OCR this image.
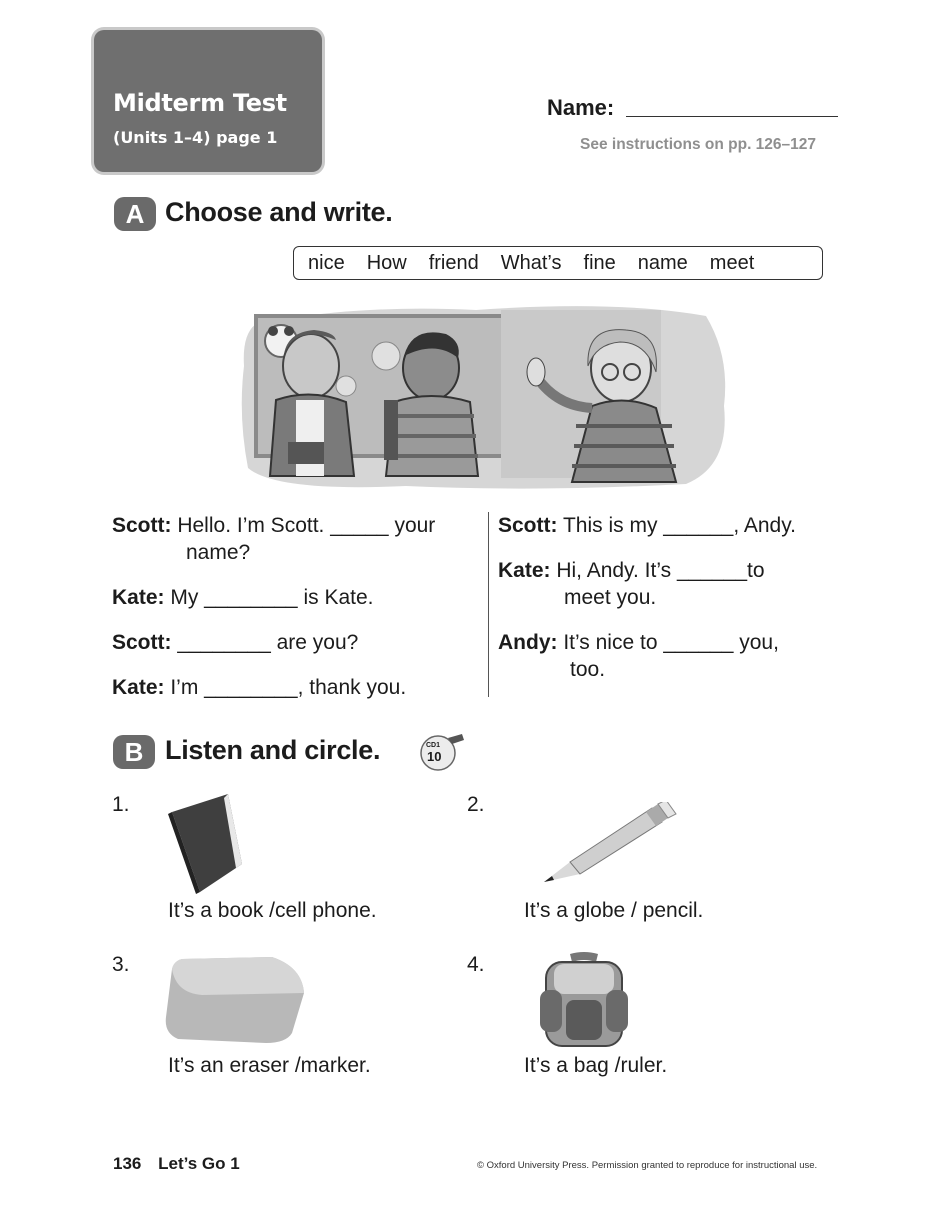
Midterm Test
(Units 1–4) page 1
Name:
See instructions on pp. 126–127
A Choose and write.
nice How friend What’s fine name meet
Scott: Hello. I’m Scott. _____ your
name?
Kate: My ________ is Kate.
Scott: ________ are you?
Kate: I’m ________, thank you.
Scott: This is my ______, Andy.
Kate: Hi, Andy. It’s ______to
meet you.
Andy: It’s nice to ______ you,
too.
B Listen and circle.	CD1
10
1.
It’s a book /cell phone.
2.
It’s a globe / pencil.
3.
It’s an eraser /marker.
4.
It’s a bag /ruler.
136 Let’s Go 1	© Oxford University Press. Permission granted to reproduce for instructional use.
